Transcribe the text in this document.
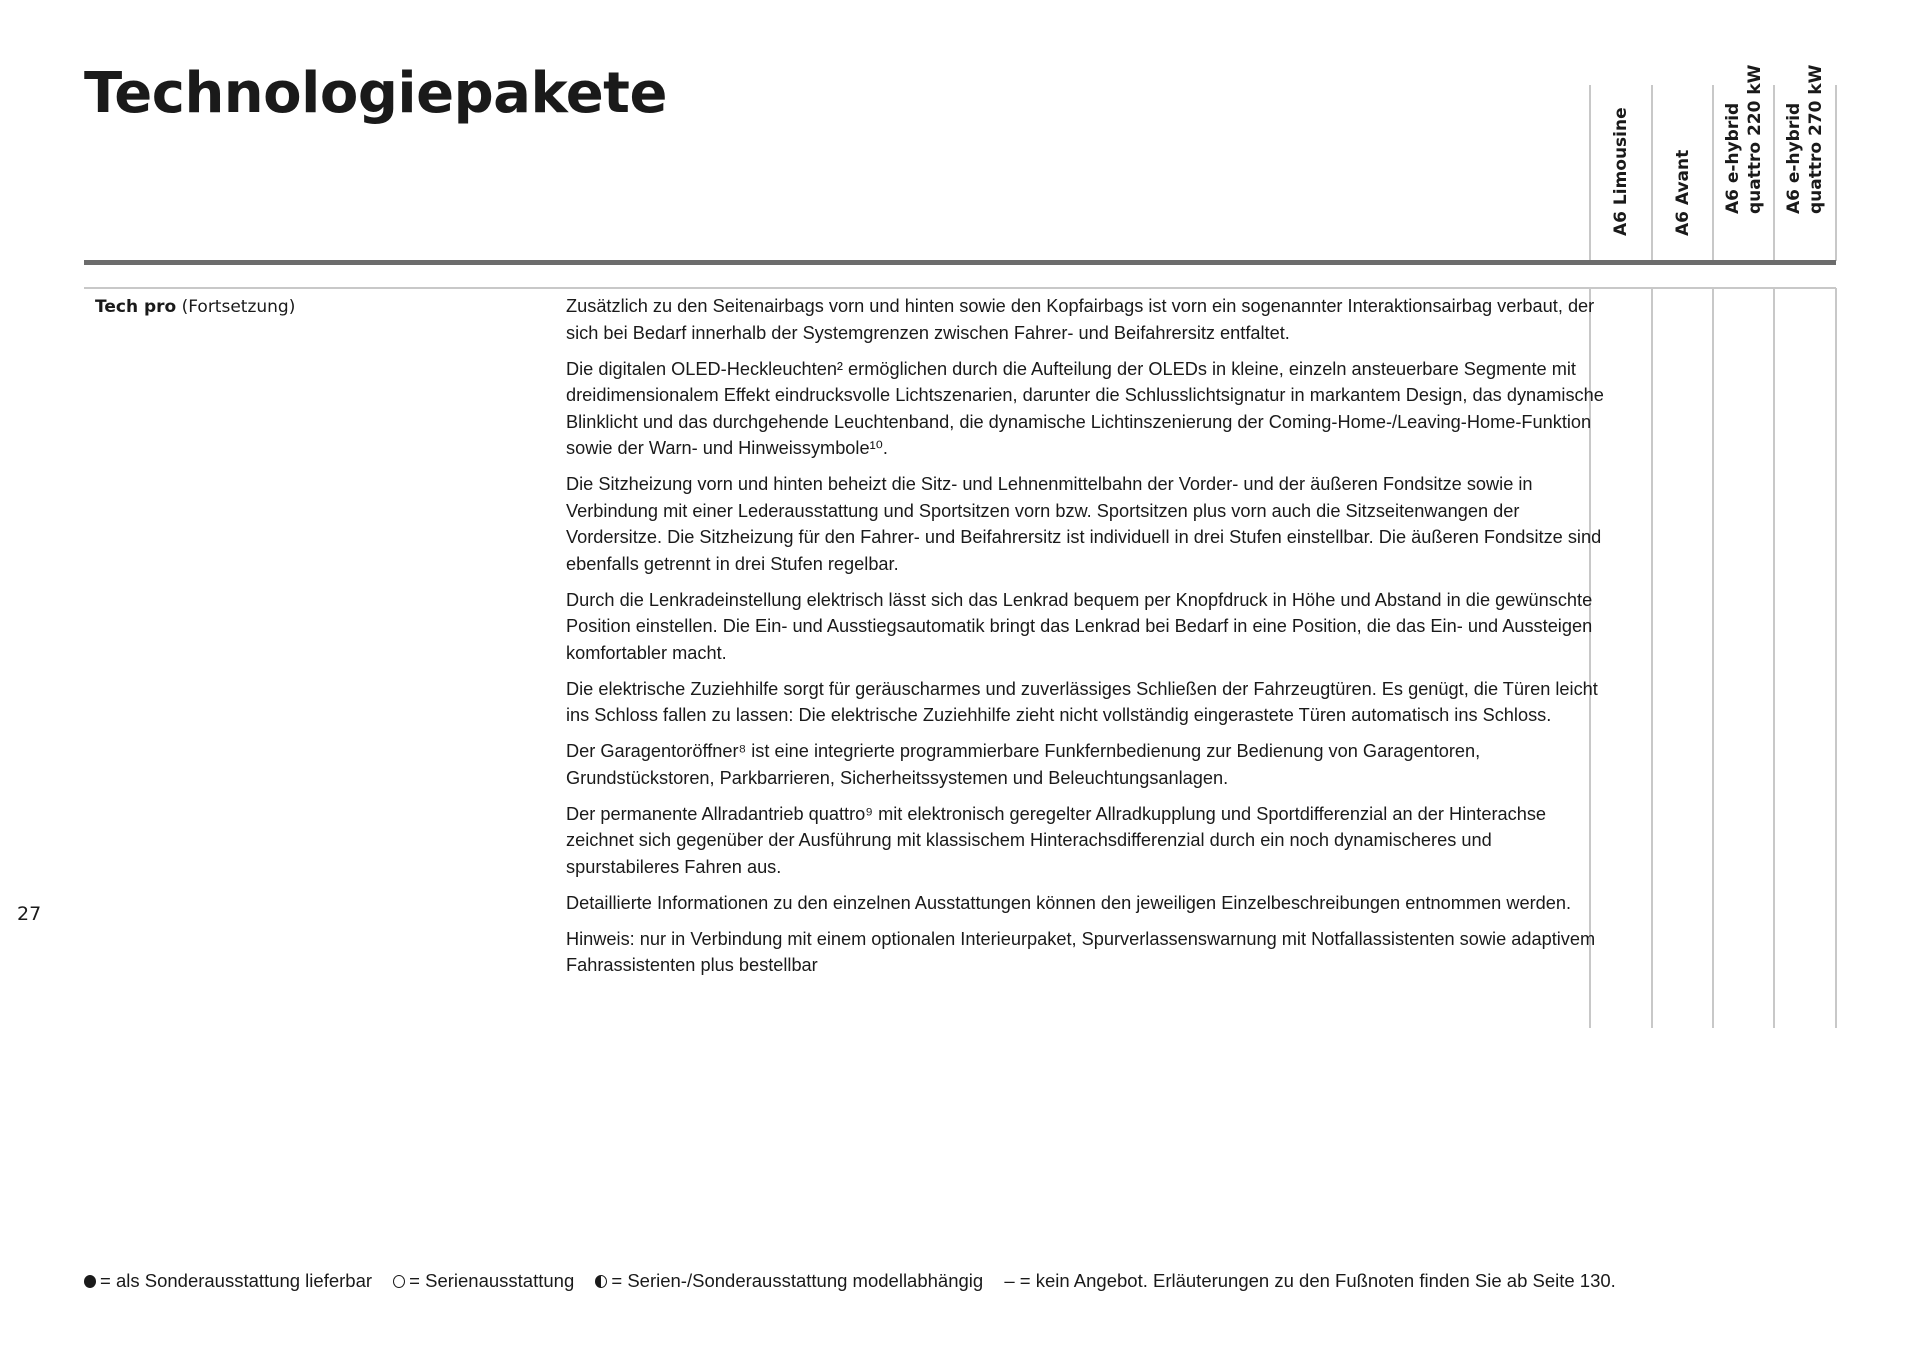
Technologiepakete
A6 Limousine A6 Avant A6 e-hybrid quattro 220 kW A6 e-hybrid quattro 270 kW
Tech pro (Fortsetzung)	Zusätzlich zu den Seitenairbags vorn und hinten sowie den Kopfairbags ist vorn ein sogenannter Interaktionsairbag verbaut, der sich bei Bedarf innerhalb der Systemgrenzen zwischen Fahrer- und Beifahrersitz entfaltet.

Die digitalen OLED-Heckleuchten² ermöglichen durch die Aufteilung der OLEDs in kleine, einzeln ansteuerbare Segmente mit dreidimensionalem Effekt eindrucksvolle Lichtszenarien, darunter die Schlusslichtsignatur in markantem Design, das dynamische Blinklicht und das durchgehende Leuchtenband, die dynamische Lichtinszenierung der Coming-Home-/Leaving-Home-Funktion sowie der Warn- und Hinweissymbole¹⁰.

Die Sitzheizung vorn und hinten beheizt die Sitz- und Lehnenmittelbahn der Vorder- und der äußeren Fondsitze sowie in Verbindung mit einer Lederausstattung und Sportsitzen vorn bzw. Sportsitzen plus vorn auch die Sitzseitenwangen der Vordersitze. Die Sitzheizung für den Fahrer- und Beifahrersitz ist individuell in drei Stufen einstellbar. Die äußeren Fondsitze sind ebenfalls getrennt in drei Stufen regelbar.

Durch die Lenkradeinstellung elektrisch lässt sich das Lenkrad bequem per Knopfdruck in Höhe und Abstand in die gewünschte Position einstellen. Die Ein- und Ausstiegsautomatik bringt das Lenkrad bei Bedarf in eine Position, die das Ein- und Aussteigen komfortabler macht.

Die elektrische Zuziehhilfe sorgt für geräuscharmes und zuverlässiges Schließen der Fahrzeugtüren. Es genügt, die Türen leicht ins Schloss fallen zu lassen: Die elektrische Zuziehhilfe zieht nicht vollständig eingerastete Türen automatisch ins Schloss.

Der Garagentoröffner⁸ ist eine integrierte programmierbare Funkfernbedienung zur Bedienung von Garagentoren, Grundstückstoren, Parkbarrieren, Sicherheitssystemen und Beleuchtungsanlagen.

Der permanente Allradantrieb quattro⁹ mit elektronisch geregelter Allradkupplung und Sportdifferenzial an der Hinterachse zeichnet sich gegenüber der Ausführung mit klassischem Hinterachsdifferenzial durch ein noch dynamischeres und spurstabileres Fahren aus.

Detaillierte Informationen zu den einzelnen Ausstattungen können den jeweiligen Einzelbeschreibungen entnommen werden.

Hinweis: nur in Verbindung mit einem optionalen Interieurpaket, Spurverlassenswarnung mit Notfallassistenten sowie adaptivem Fahrassistenten plus bestellbar

27
= als Sonderausstattung lieferbar = Serienausstattung = Serien-/Sonderausstattung modellabhängig – = kein Angebot. Erläuterungen zu den Fußnoten finden Sie ab Seite 130.
